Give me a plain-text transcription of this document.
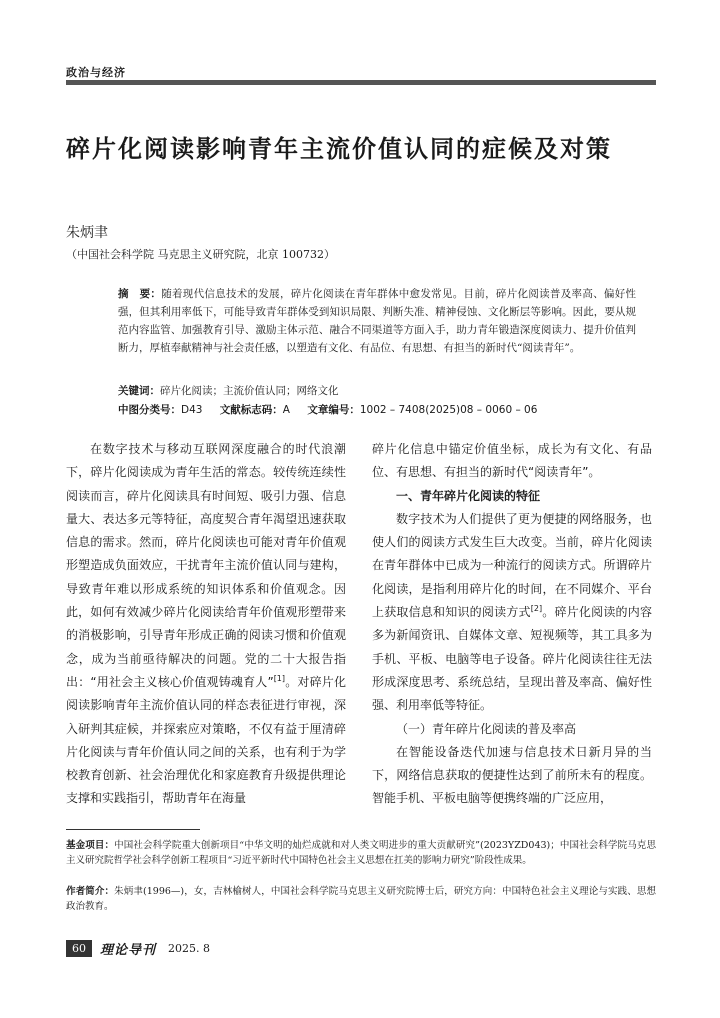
政治与经济
碎片化阅读影响青年主流价值认同的症候及对策
朱炳聿
（中国社会科学院 马克思主义研究院，北京 100732）
摘　要：随着现代信息技术的发展，碎片化阅读在青年群体中愈发常见。目前，碎片化阅读普及率高、偏好性强，但其利用率低下，可能导致青年群体受到知识局限、判断失准、精神侵蚀、文化断层等影响。因此，要从规范内容监管、加强教育引导、激励主体示范、融合不同渠道等方面入手，助力青年锻造深度阅读力、提升价值判断力，厚植奉献精神与社会责任感，以塑造有文化、有品位、有思想、有担当的新时代“阅读青年”。
关键词：碎片化阅读；主流价值认同；网络文化
中图分类号：D43 文献标志码：A 文章编号：1002 – 7408(2025)08 – 0060 – 06

在数字技术与移动互联网深度融合的时代浪潮下，碎片化阅读成为青年生活的常态。较传统连续性阅读而言，碎片化阅读具有时间短、吸引力强、信息量大、表达多元等特征，高度契合青年渴望迅速获取信息的需求。然而，碎片化阅读也可能对青年价值观形塑造成负面效应，干扰青年主流价值认同与建构，导致青年难以形成系统的知识体系和价值观念。因此，如何有效减少碎片化阅读给青年价值观形塑带来的消极影响，引导青年形成正确的阅读习惯和价值观念，成为当前亟待解决的问题。党的二十大报告指出：“用社会主义核心价值观铸魂育人”[1]。对碎片化阅读影响青年主流价值认同的样态表征进行审视，深入研判其症候，并探索应对策略，不仅有益于厘清碎片化阅读与青年价值认同之间的关系，也有利于为学校教育创新、社会治理优化和家庭教育升级提供理论支撑和实践指引，帮助青年在海量

碎片化信息中锚定价值坐标，成长为有文化、有品位、有思想、有担当的新时代“阅读青年”。

一、青年碎片化阅读的特征

数字技术为人们提供了更为便捷的网络服务，也使人们的阅读方式发生巨大改变。当前，碎片化阅读在青年群体中已成为一种流行的阅读方式。所谓碎片化阅读，是指利用碎片化的时间，在不同媒介、平台上获取信息和知识的阅读方式[2]。碎片化阅读的内容多为新闻资讯、自媒体文章、短视频等，其工具多为手机、平板、电脑等电子设备。碎片化阅读往往无法形成深度思考、系统总结，呈现出普及率高、偏好性强、利用率低等特征。

（一）青年碎片化阅读的普及率高

在智能设备迭代加速与信息技术日新月异的当下，网络信息获取的便捷性达到了前所未有的程度。智能手机、平板电脑等便携终端的广泛应用，

基金项目：中国社会科学院重大创新项目“中华文明的灿烂成就和对人类文明进步的重大贡献研究”(2023YZD043)；中国社会科学院马克思主义研究院哲学社会科学创新工程项目“习近平新时代中国特色社会主义思想在扛美的影响力研究”阶段性成果。
作者简介：朱炳聿(1996—)，女，吉林榆树人，中国社会科学院马克思主义研究院博士后，研究方向：中国特色社会主义理论与实践、思想政治教育。
60	理论导刊 2025. 8
